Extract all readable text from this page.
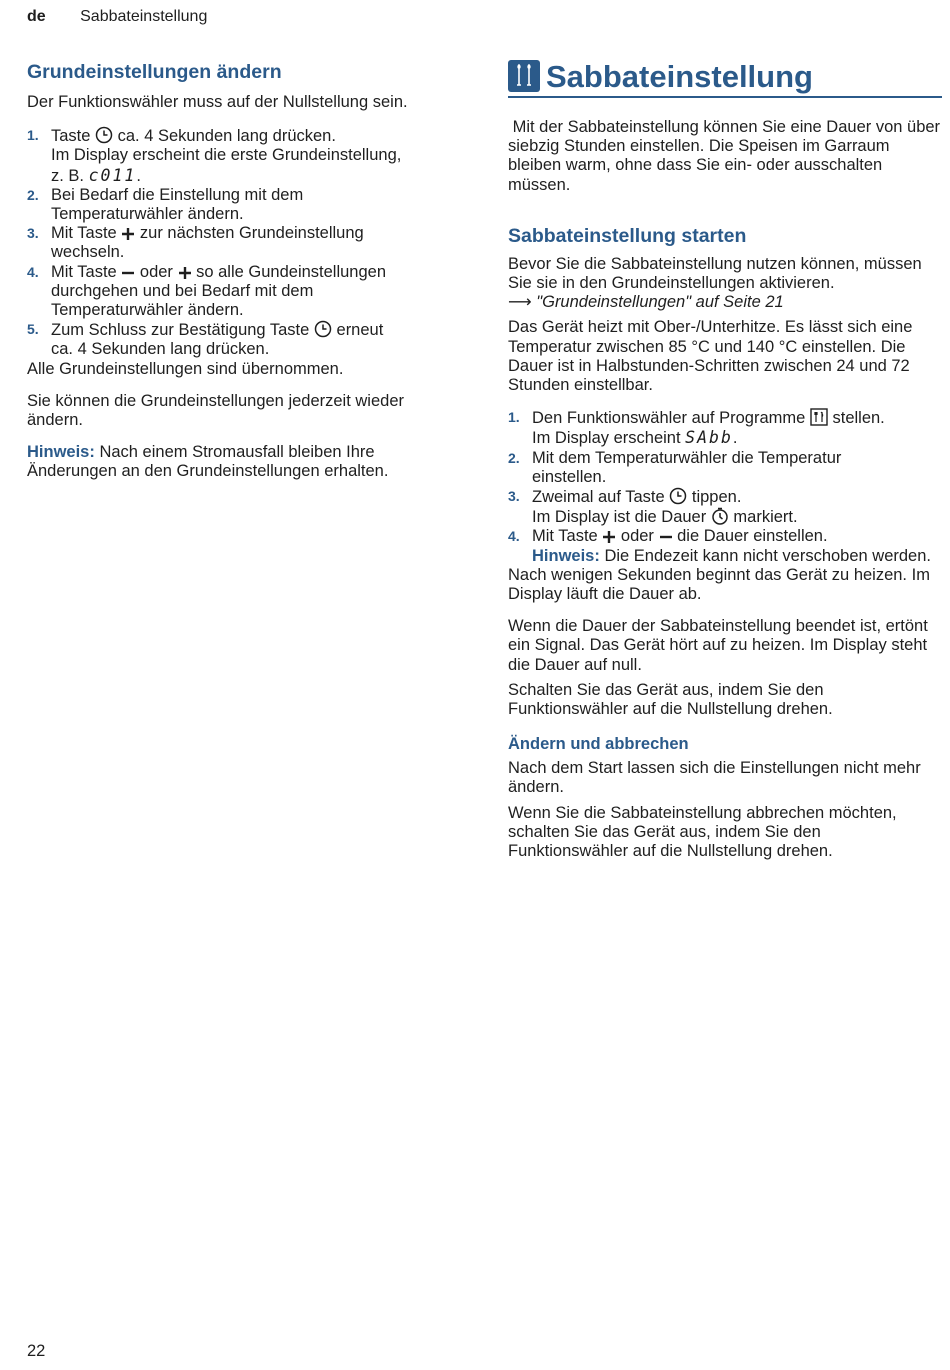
de Sabbateinstellung
Grundeinstellungen ändern

Der Funktionswähler muss auf der Nullstellung sein.

1. Taste ca. 4 Sekunden lang drücken.
Im Display erscheint die erste Grundeinstellung,
z. B. c011.
2. Bei Bedarf die Einstellung mit dem
Temperaturwähler ändern.
3. Mit Taste zur nächsten Grundeinstellung
wechseln.
4. Mit Taste oder so alle Gundeinstellungen
durchgehen und bei Bedarf mit dem
Temperaturwähler ändern.
5. Zum Schluss zur Bestätigung Taste erneut
ca. 4 Sekunden lang drücken.

Alle Grundeinstellungen sind übernommen.

Sie können die Grundeinstellungen jederzeit wieder ändern.

Hinweis: Nach einem Stromausfall bleiben Ihre Änderungen an den Grundeinstellungen erhalten.

Sabbateinstellung

Mit der Sabbateinstellung können Sie eine Dauer von über siebzig Stunden einstellen. Die Speisen im Garraum bleiben warm, ohne dass Sie ein- oder ausschalten müssen.

Sabbateinstellung starten

Bevor Sie die Sabbateinstellung nutzen können, müssen Sie sie in den Grundeinstellungen aktivieren.

⟶ "Grundeinstellungen" auf Seite 21

Das Gerät heizt mit Ober-/Unterhitze. Es lässt sich eine Temperatur zwischen 85 °C und 140 °C einstellen. Die Dauer ist in Halbstunden-Schritten zwischen 24 und 72 Stunden einstellbar.

1. Den Funktionswähler auf Programme stellen.
Im Display erscheint SAbb.
2. Mit dem Temperaturwähler die Temperatur
einstellen.
3. Zweimal auf Taste tippen.
Im Display ist die Dauer markiert.
4. Mit Taste oder die Dauer einstellen.
Hinweis: Die Endezeit kann nicht verschoben werden.

Nach wenigen Sekunden beginnt das Gerät zu heizen. Im Display läuft die Dauer ab.

Wenn die Dauer der Sabbateinstellung beendet ist, ertönt ein Signal. Das Gerät hört auf zu heizen. Im Display steht die Dauer auf null.

Schalten Sie das Gerät aus, indem Sie den Funktionswähler auf die Nullstellung drehen.

Ändern und abbrechen

Nach dem Start lassen sich die Einstellungen nicht mehr ändern.

Wenn Sie die Sabbateinstellung abbrechen möchten, schalten Sie das Gerät aus, indem Sie den Funktionswähler auf die Nullstellung drehen.

22
